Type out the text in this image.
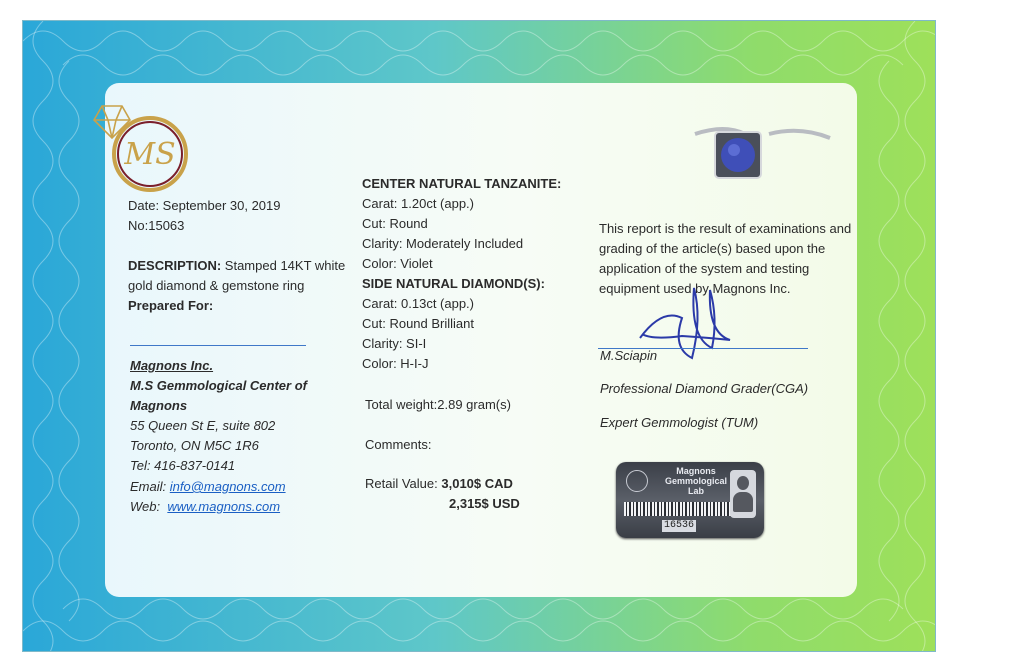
MS
Date: September 30, 2019
No:15063
DESCRIPTION: Stamped 14KT white
gold diamond & gemstone ring
Prepared For:
Magnons Inc.
M.S Gemmological Center of
Magnons
55 Queen St E, suite 802
Toronto, ON M5C 1R6
Tel: 416-837-0141
Email: info@magnons.com
Web: www.magnons.com
CENTER NATURAL TANZANITE:
Carat: 1.20ct (app.)
Cut: Round
Clarity: Moderately Included
Color: Violet
SIDE NATURAL DIAMOND(S):
Carat: 0.13ct (app.)
Cut: Round Brilliant
Clarity: SI-I
Color: H-I-J
Total weight:2.89 gram(s)
Comments:
Retail Value: 3,010$ CAD
2,315$ USD
This report is the result of examinations and
grading of the article(s) based upon the
application of the system and testing
equipment used by Magnons Inc.
M.Sciapin
Professional Diamond Grader(CGA)
Expert Gemmologist (TUM)
Magnons
Gemmological
Lab
16536
